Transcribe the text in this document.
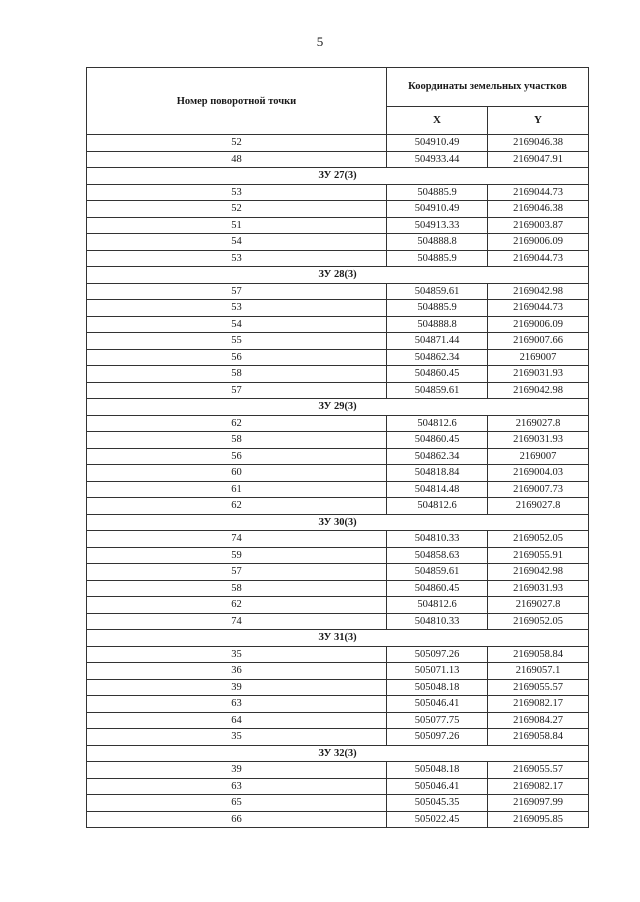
5
Номер поворотной точки	Координаты земельных участков	
	X	Y
52	504910.49	2169046.38
48	504933.44	2169047.91
ЗУ 27(3)		
53	504885.9	2169044.73
52	504910.49	2169046.38
51	504913.33	2169003.87
54	504888.8	2169006.09
53	504885.9	2169044.73
ЗУ 28(3)		
57	504859.61	2169042.98
53	504885.9	2169044.73
54	504888.8	2169006.09
55	504871.44	2169007.66
56	504862.34	2169007
58	504860.45	2169031.93
57	504859.61	2169042.98
ЗУ 29(3)		
62	504812.6	2169027.8
58	504860.45	2169031.93
56	504862.34	2169007
60	504818.84	2169004.03
61	504814.48	2169007.73
62	504812.6	2169027.8
ЗУ 30(3)		
74	504810.33	2169052.05
59	504858.63	2169055.91
57	504859.61	2169042.98
58	504860.45	2169031.93
62	504812.6	2169027.8
74	504810.33	2169052.05
ЗУ 31(3)		
35	505097.26	2169058.84
36	505071.13	2169057.1
39	505048.18	2169055.57
63	505046.41	2169082.17
64	505077.75	2169084.27
35	505097.26	2169058.84
ЗУ 32(3)		
39	505048.18	2169055.57
63	505046.41	2169082.17
65	505045.35	2169097.99
66	505022.45	2169095.85
